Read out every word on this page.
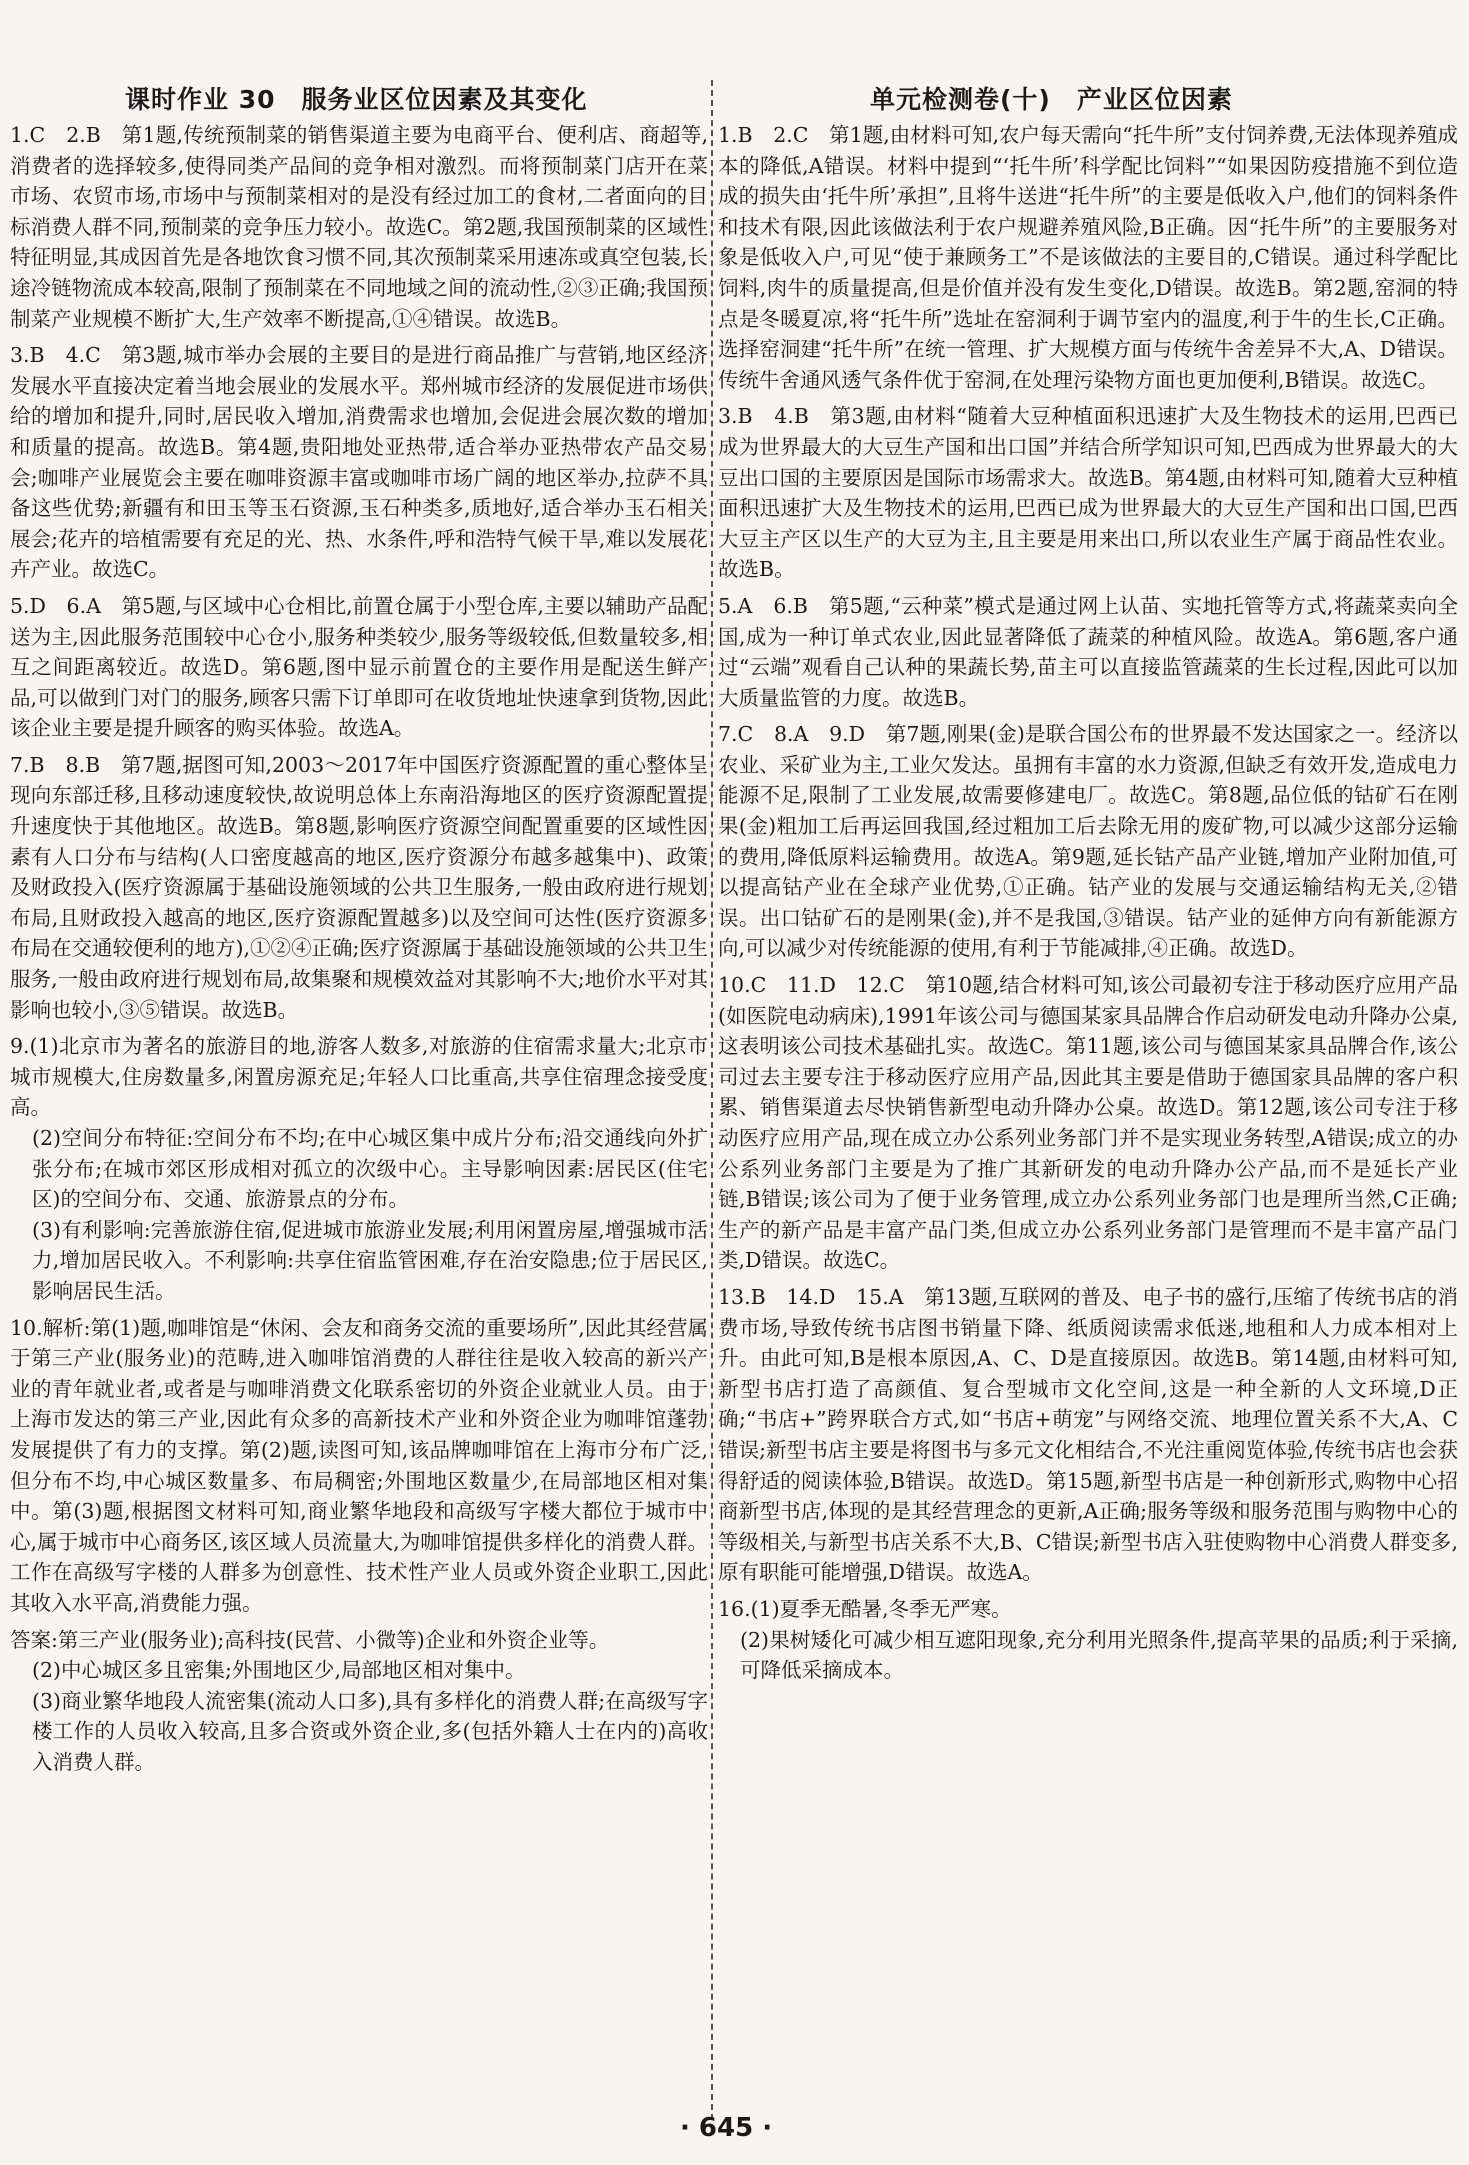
课时作业 30　服务业区位因素及其变化	单元检测卷(十)　产业区位因素
1.C　2.B　第1题,传统预制菜的销售渠道主要为电商平台、便利店、商超等,消费者的选择较多,使得同类产品间的竞争相对激烈。而将预制菜门店开在菜市场、农贸市场,市场中与预制菜相对的是没有经过加工的食材,二者面向的目标消费人群不同,预制菜的竞争压力较小。故选C。第2题,我国预制菜的区域性特征明显,其成因首先是各地饮食习惯不同,其次预制菜采用速冻或真空包装,长途冷链物流成本较高,限制了预制菜在不同地域之间的流动性,②③正确;我国预制菜产业规模不断扩大,生产效率不断提高,①④错误。故选B。
3.B　4.C　第3题,城市举办会展的主要目的是进行商品推广与营销,地区经济发展水平直接决定着当地会展业的发展水平。郑州城市经济的发展促进市场供给的增加和提升,同时,居民收入增加,消费需求也增加,会促进会展次数的增加和质量的提高。故选B。第4题,贵阳地处亚热带,适合举办亚热带农产品交易会;咖啡产业展览会主要在咖啡资源丰富或咖啡市场广阔的地区举办,拉萨不具备这些优势;新疆有和田玉等玉石资源,玉石种类多,质地好,适合举办玉石相关展会;花卉的培植需要有充足的光、热、水条件,呼和浩特气候干旱,难以发展花卉产业。故选C。
5.D　6.A　第5题,与区域中心仓相比,前置仓属于小型仓库,主要以辅助产品配送为主,因此服务范围较中心仓小,服务种类较少,服务等级较低,但数量较多,相互之间距离较近。故选D。第6题,图中显示前置仓的主要作用是配送生鲜产品,可以做到门对门的服务,顾客只需下订单即可在收货地址快速拿到货物,因此该企业主要是提升顾客的购买体验。故选A。
7.B　8.B　第7题,据图可知,2003～2017年中国医疗资源配置的重心整体呈现向东部迁移,且移动速度较快,故说明总体上东南沿海地区的医疗资源配置提升速度快于其他地区。故选B。第8题,影响医疗资源空间配置重要的区域性因素有人口分布与结构(人口密度越高的地区,医疗资源分布越多越集中)、政策及财政投入(医疗资源属于基础设施领域的公共卫生服务,一般由政府进行规划布局,且财政投入越高的地区,医疗资源配置越多)以及空间可达性(医疗资源多布局在交通较便利的地方),①②④正确;医疗资源属于基础设施领域的公共卫生服务,一般由政府进行规划布局,故集聚和规模效益对其影响不大;地价水平对其影响也较小,③⑤错误。故选B。
9.(1)北京市为著名的旅游目的地,游客人数多,对旅游的住宿需求量大;北京市城市规模大,住房数量多,闲置房源充足;年轻人口比重高,共享住宿理念接受度高。
(2)空间分布特征:空间分布不均;在中心城区集中成片分布;沿交通线向外扩张分布;在城市郊区形成相对孤立的次级中心。主导影响因素:居民区(住宅区)的空间分布、交通、旅游景点的分布。
(3)有利影响:完善旅游住宿,促进城市旅游业发展;利用闲置房屋,增强城市活力,增加居民收入。不利影响:共享住宿监管困难,存在治安隐患;位于居民区,影响居民生活。
10.解析:第(1)题,咖啡馆是“休闲、会友和商务交流的重要场所”,因此其经营属于第三产业(服务业)的范畴,进入咖啡馆消费的人群往往是收入较高的新兴产业的青年就业者,或者是与咖啡消费文化联系密切的外资企业就业人员。由于上海市发达的第三产业,因此有众多的高新技术产业和外资企业为咖啡馆蓬勃发展提供了有力的支撑。第(2)题,读图可知,该品牌咖啡馆在上海市分布广泛,但分布不均,中心城区数量多、布局稠密;外围地区数量少,在局部地区相对集中。第(3)题,根据图文材料可知,商业繁华地段和高级写字楼大都位于城市中心,属于城市中心商务区,该区域人员流量大,为咖啡馆提供多样化的消费人群。工作在高级写字楼的人群多为创意性、技术性产业人员或外资企业职工,因此其收入水平高,消费能力强。
答案:第三产业(服务业);高科技(民营、小微等)企业和外资企业等。
(2)中心城区多且密集;外围地区少,局部地区相对集中。
(3)商业繁华地段人流密集(流动人口多),具有多样化的消费人群;在高级写字楼工作的人员收入较高,且多合资或外资企业,多(包括外籍人士在内的)高收入消费人群。
1.B　2.C　第1题,由材料可知,农户每天需向“托牛所”支付饲养费,无法体现养殖成本的降低,A错误。材料中提到“‘托牛所’科学配比饲料”“如果因防疫措施不到位造成的损失由‘托牛所’承担”,且将牛送进“托牛所”的主要是低收入户,他们的饲料条件和技术有限,因此该做法利于农户规避养殖风险,B正确。因“托牛所”的主要服务对象是低收入户,可见“使于兼顾务工”不是该做法的主要目的,C错误。通过科学配比饲料,肉牛的质量提高,但是价值并没有发生变化,D错误。故选B。第2题,窑洞的特点是冬暖夏凉,将“托牛所”选址在窑洞利于调节室内的温度,利于牛的生长,C正确。选择窑洞建“托牛所”在统一管理、扩大规模方面与传统牛舍差异不大,A、D错误。传统牛舍通风透气条件优于窑洞,在处理污染物方面也更加便利,B错误。故选C。
3.B　4.B　第3题,由材料“随着大豆种植面积迅速扩大及生物技术的运用,巴西已成为世界最大的大豆生产国和出口国”并结合所学知识可知,巴西成为世界最大的大豆出口国的主要原因是国际市场需求大。故选B。第4题,由材料可知,随着大豆种植面积迅速扩大及生物技术的运用,巴西已成为世界最大的大豆生产国和出口国,巴西大豆主产区以生产的大豆为主,且主要是用来出口,所以农业生产属于商品性农业。故选B。
5.A　6.B　第5题,“云种菜”模式是通过网上认苗、实地托管等方式,将蔬菜卖向全国,成为一种订单式农业,因此显著降低了蔬菜的种植风险。故选A。第6题,客户通过“云端”观看自己认种的果蔬长势,苗主可以直接监管蔬菜的生长过程,因此可以加大质量监管的力度。故选B。
7.C　8.A　9.D　第7题,刚果(金)是联合国公布的世界最不发达国家之一。经济以农业、采矿业为主,工业欠发达。虽拥有丰富的水力资源,但缺乏有效开发,造成电力能源不足,限制了工业发展,故需要修建电厂。故选C。第8题,品位低的钴矿石在刚果(金)粗加工后再运回我国,经过粗加工后去除无用的废矿物,可以减少这部分运输的费用,降低原料运输费用。故选A。第9题,延长钴产品产业链,增加产业附加值,可以提高钴产业在全球产业优势,①正确。钴产业的发展与交通运输结构无关,②错误。出口钴矿石的是刚果(金),并不是我国,③错误。钴产业的延伸方向有新能源方向,可以减少对传统能源的使用,有利于节能减排,④正确。故选D。
10.C　11.D　12.C　第10题,结合材料可知,该公司最初专注于移动医疗应用产品(如医院电动病床),1991年该公司与德国某家具品牌合作启动研发电动升降办公桌,这表明该公司技术基础扎实。故选C。第11题,该公司与德国某家具品牌合作,该公司过去主要专注于移动医疗应用产品,因此其主要是借助于德国家具品牌的客户积累、销售渠道去尽快销售新型电动升降办公桌。故选D。第12题,该公司专注于移动医疗应用产品,现在成立办公系列业务部门并不是实现业务转型,A错误;成立的办公系列业务部门主要是为了推广其新研发的电动升降办公产品,而不是延长产业链,B错误;该公司为了便于业务管理,成立办公系列业务部门也是理所当然,C正确;生产的新产品是丰富产品门类,但成立办公系列业务部门是管理而不是丰富产品门类,D错误。故选C。
13.B　14.D　15.A　第13题,互联网的普及、电子书的盛行,压缩了传统书店的消费市场,导致传统书店图书销量下降、纸质阅读需求低迷,地租和人力成本相对上升。由此可知,B是根本原因,A、C、D是直接原因。故选B。第14题,由材料可知,新型书店打造了高颜值、复合型城市文化空间,这是一种全新的人文环境,D正确;“书店+”跨界联合方式,如“书店+萌宠”与网络交流、地理位置关系不大,A、C错误;新型书店主要是将图书与多元文化相结合,不光注重阅览体验,传统书店也会获得舒适的阅读体验,B错误。故选D。第15题,新型书店是一种创新形式,购物中心招商新型书店,体现的是其经营理念的更新,A正确;服务等级和服务范围与购物中心的等级相关,与新型书店关系不大,B、C错误;新型书店入驻使购物中心消费人群变多,原有职能可能增强,D错误。故选A。
16.(1)夏季无酷暑,冬季无严寒。
(2)果树矮化可减少相互遮阳现象,充分利用光照条件,提高苹果的品质;利于采摘,可降低采摘成本。
· 645 ·
